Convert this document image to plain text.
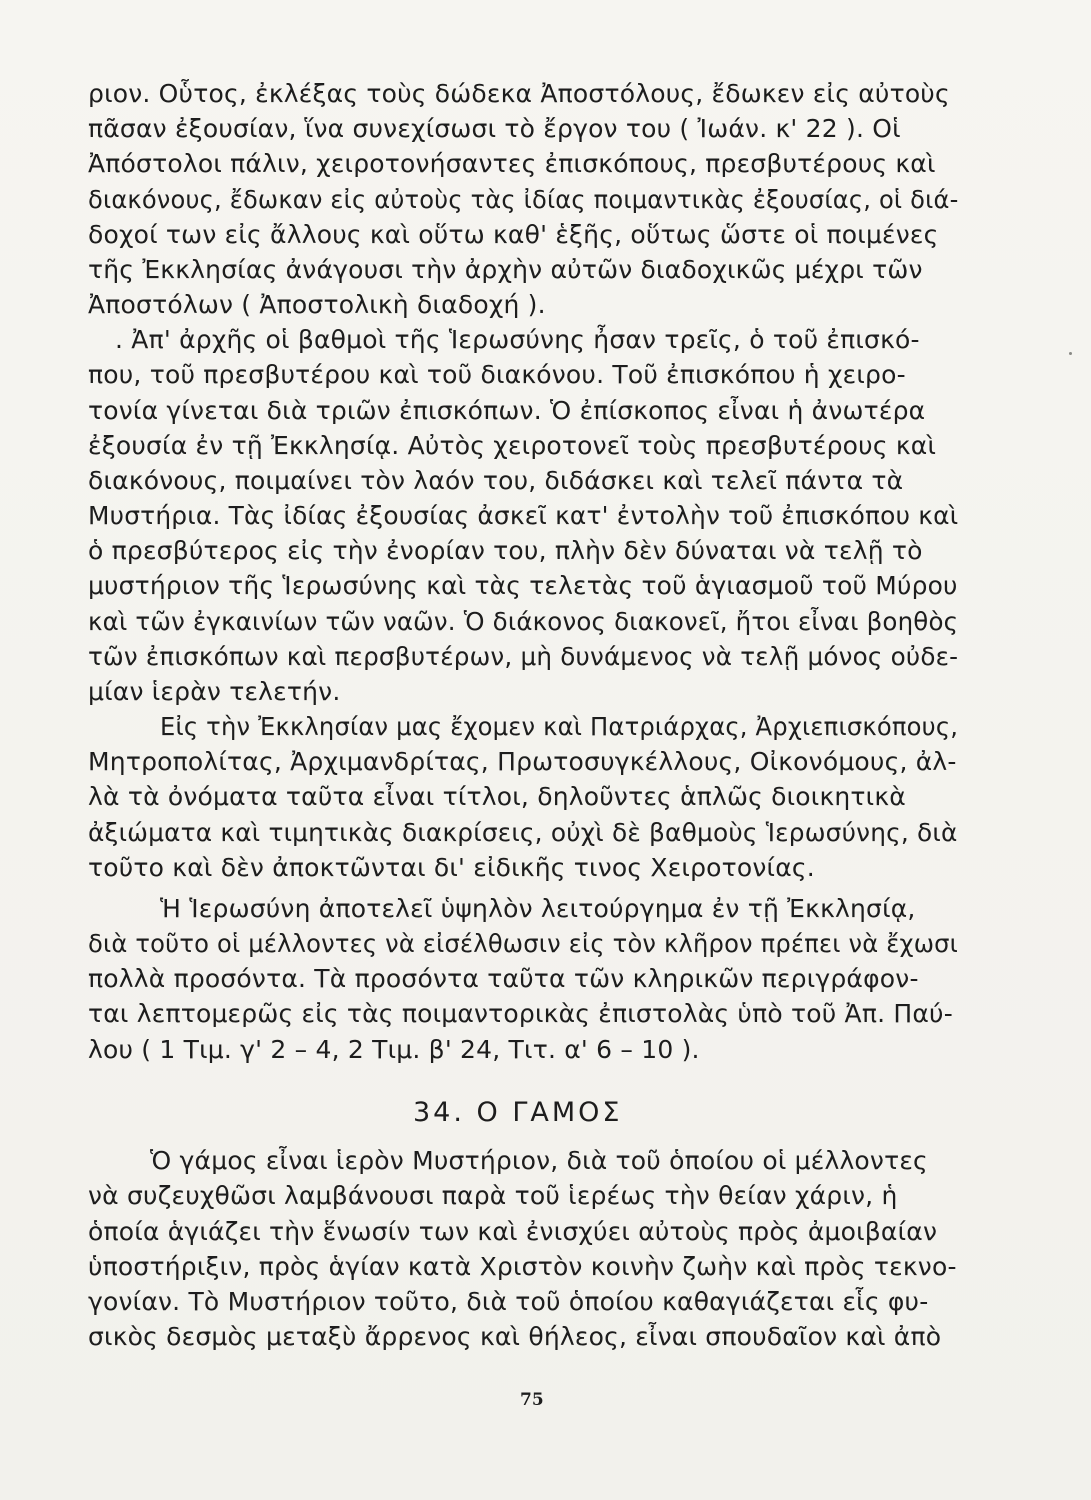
ριον. Οὗτος, ἐκλέξας τοὺς δώδεκα Ἀποστόλους, ἔδωκεν εἰς αὐτοὺς
πᾶσαν ἐξουσίαν, ἵνα συνεχίσωσι τὸ ἔργον του ( Ἰωάν. κ' 22 ). Οἱ
Ἀπόστολοι πάλιν, χειροτονήσαντες ἐπισκόπους, πρεσβυτέρους καὶ
διακόνους, ἔδωκαν εἰς αὐτοὺς τὰς ἰδίας ποιμαντικὰς ἐξουσίας, οἱ διά-
δοχοί των εἰς ἄλλους καὶ οὕτω καθ' ἑξῆς, οὕτως ὥστε οἱ ποιμένες
τῆς Ἐκκλησίας ἀνάγουσι τὴν ἀρχὴν αὐτῶν διαδοχικῶς μέχρι τῶν
Ἀποστόλων ( Ἀποστολικὴ διαδοχή ).
. Ἀπ' ἀρχῆς οἱ βαθμοὶ τῆς Ἱερωσύνης ἦσαν τρεῖς, ὁ τοῦ ἐπισκό-
που, τοῦ πρεσβυτέρου καὶ τοῦ διακόνου. Τοῦ ἐπισκόπου ἡ χειρο-
τονία γίνεται διὰ τριῶν ἐπισκόπων. Ὁ ἐπίσκοπος εἶναι ἡ ἀνωτέρα
ἐξουσία ἐν τῇ Ἐκκλησίᾳ. Αὐτὸς χειροτονεῖ τοὺς πρεσβυτέρους καὶ
διακόνους, ποιμαίνει τὸν λαόν του, διδάσκει καὶ τελεῖ πάντα τὰ
Μυστήρια. Τὰς ἰδίας ἐξουσίας ἀσκεῖ κατ' ἐντολὴν τοῦ ἐπισκόπου καὶ
ὁ πρεσβύτερος εἰς τὴν ἐνορίαν του, πλὴν δὲν δύναται νὰ τελῇ τὸ
μυστήριον τῆς Ἱερωσύνης καὶ τὰς τελετὰς τοῦ ἁγιασμοῦ τοῦ Μύρου
καὶ τῶν ἐγκαινίων τῶν ναῶν. Ὁ διάκονος διακονεῖ, ἤτοι εἶναι βοηθὸς
τῶν ἐπισκόπων καὶ περσβυτέρων, μὴ δυνάμενος νὰ τελῇ μόνος οὐδε-
μίαν ἱερὰν τελετήν.
Εἰς τὴν Ἐκκλησίαν μας ἔχομεν καὶ Πατριάρχας, Ἀρχιεπισκόπους,
Μητροπολίτας, Ἀρχιμανδρίτας, Πρωτοσυγκέλλους, Οἰκονόμους, ἀλ-
λὰ τὰ ὀνόματα ταῦτα εἶναι τίτλοι, δηλοῦντες ἁπλῶς διοικητικὰ
ἀξιώματα καὶ τιμητικὰς διακρίσεις, οὐχὶ δὲ βαθμοὺς Ἱερωσύνης, διὰ
τοῦτο καὶ δὲν ἀποκτῶνται δι' εἰδικῆς τινος Χειροτονίας.
Ἡ Ἱερωσύνη ἀποτελεῖ ὑψηλὸν λειτούργημα ἐν τῇ Ἐκκλησίᾳ,
διὰ τοῦτο οἱ μέλλοντες νὰ εἰσέλθωσιν εἰς τὸν κλῆρον πρέπει νὰ ἔχωσι
πολλὰ προσόντα. Τὰ προσόντα ταῦτα τῶν κληρικῶν περιγράφον-
ται λεπτομερῶς εἰς τὰς ποιμαντορικὰς ἐπιστολὰς ὑπὸ τοῦ Ἀπ. Παύ-
λου ( 1 Τιμ. γ' 2 – 4, 2 Τιμ. β' 24, Τιτ. α' 6 – 10 ).
34. Ο ΓΑΜΟΣ
Ὁ γάμος εἶναι ἱερὸν Μυστήριον, διὰ τοῦ ὁποίου οἱ μέλλοντες
νὰ συζευχθῶσι λαμβάνουσι παρὰ τοῦ ἱερέως τὴν θείαν χάριν, ἡ
ὁποία ἁγιάζει τὴν ἕνωσίν των καὶ ἐνισχύει αὐτοὺς πρὸς ἀμοιβαίαν
ὑποστήριξιν, πρὸς ἁγίαν κατὰ Χριστὸν κοινὴν ζωὴν καὶ πρὸς τεκνο-
γονίαν. Τὸ Μυστήριον τοῦτο, διὰ τοῦ ὁποίου καθαγιάζεται εἷς φυ-
σικὸς δεσμὸς μεταξὺ ἄρρενος καὶ θήλεος, εἶναι σπουδαῖον καὶ ἀπὸ
75
